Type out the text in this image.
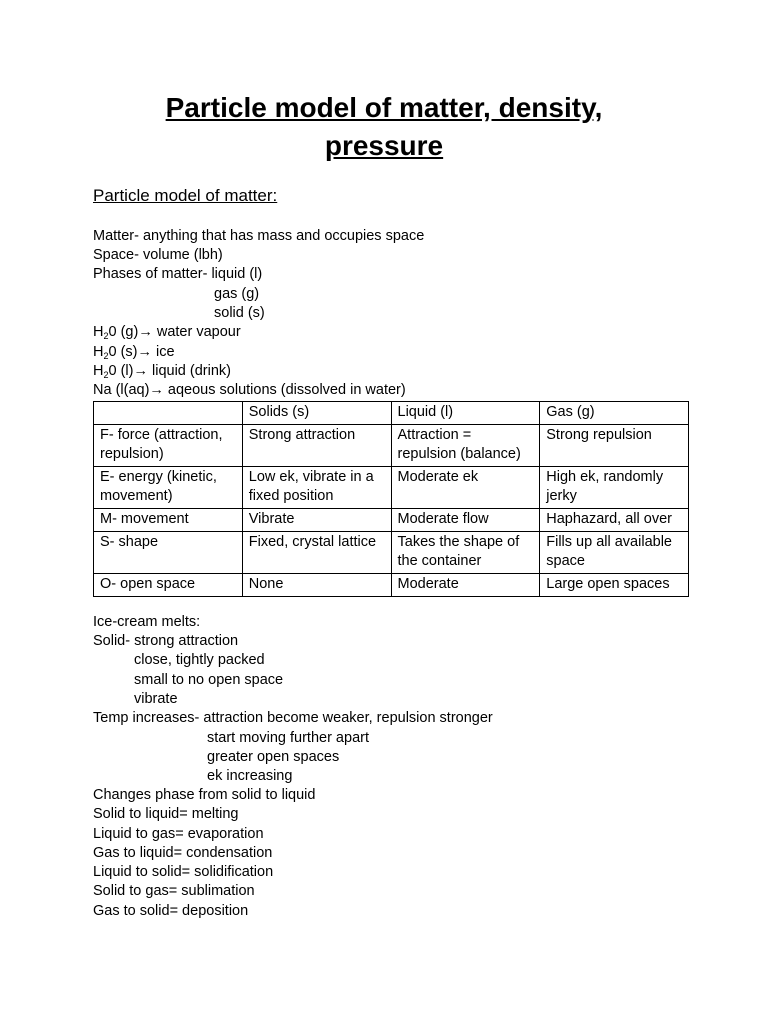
Particle model of matter, density,
pressure
Particle model of matter:
Matter- anything that has mass and occupies space
Space- volume (lbh)
Phases of matter- liquid (l)
gas (g)
solid (s)
$H_20$ (g)→ water vapour
$H_20$ (s)→ ice
$H_20$ (l)→ liquid (drink)
Na (l(aq)→ aqeous solutions (dissolved in water)
	Solids (s)	Liquid (l)	Gas (g)
F- force (attraction, repulsion)	Strong attraction	Attraction = repulsion (balance)	Strong repulsion
E- energy (kinetic, movement)	Low ek, vibrate in a fixed position	Moderate ek	High ek, randomly jerky
M- movement	Vibrate	Moderate flow	Haphazard, all over
S- shape	Fixed, crystal lattice	Takes the shape of the container	Fills up all available space
O- open space	None	Moderate	Large open spaces
Ice-cream melts:
Solid- strong attraction
close, tightly packed
small to no open space
vibrate
Temp increases- attraction become weaker, repulsion stronger
start moving further apart
greater open spaces
ek increasing
Changes phase from solid to liquid
Solid to liquid= melting
Liquid to gas= evaporation
Gas to liquid= condensation
Liquid to solid= solidification
Solid to gas= sublimation
Gas to solid= deposition
